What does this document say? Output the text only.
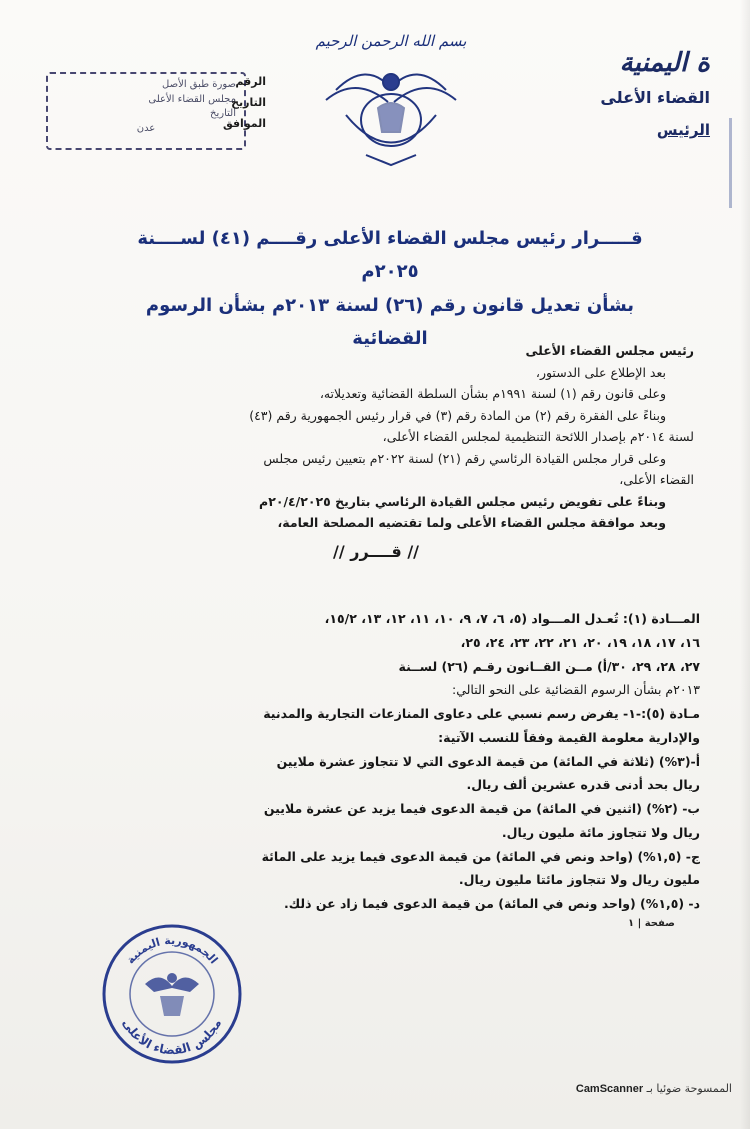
بسم الله الرحمن الرحيم
ة اليمنية
القضاء الأعلى
الرئيس
صورة طبق الأصل
مجلس القضاء الأعلى
التاريخ
عدن
الرقم
التاريخ
الموافق
قـــــرار رئيس مجلس القضاء الأعلى رقــــم (٤١) لســــنة ٢٠٢٥م
بشأن تعديل قانون رقم (٢٦) لسنة ٢٠١٣م بشأن الرسوم القضائية

رئيس مجلس القضاء الأعلى

بعد الإطلاع على الدستور،

وعلى قانون رقم (١) لسنة ١٩٩١م بشأن السلطة القضائية وتعديلاته،

وبناءً على الفقرة رقم (٢) من المادة رقم (٣) في قرار رئيس الجمهورية رقم (٤٣)

لسنة ٢٠١٤م بإصدار اللائحة التنظيمية لمجلس القضاء الأعلى،

وعلى قرار مجلس القيادة الرئاسي رقم (٢١) لسنة ٢٠٢٢م بتعيين رئيس مجلس

القضاء الأعلى،

وبناءً على تفويض رئيس مجلس القيادة الرئاسي بتاريخ ٢٠/٤/٢٠٢٥م

وبعد موافقة مجلس القضاء الأعلى ولما تقتضيه المصلحة العامة،

// قــــرر //

المـــادة (١): تُعـدل المـــواد (٥، ٦، ٧، ٩، ١٠، ١١، ١٢، ١٣، ١٥/٢،

١٦، ١٧، ١٨، ١٩، ٢٠، ٢١، ٢٢، ٢٣، ٢٤، ٢٥،

٢٧، ٢٨، ٢٩، ٣٠/أ) مــن القــانون رقـم (٢٦) لســنة

٢٠١٣م بشأن الرسوم القضائية على النحو التالي:

مـادة (٥):-١- يفرض رسم نسبي على دعاوى المنازعات التجارية والمدنية

والإدارية معلومة القيمة وفقاً للنسب الآتية:

أ-(٣%) (ثلاثة في المائة) من قيمة الدعوى التي لا تتجاوز عشرة ملايين

ريال بحد أدنى قدره عشرين ألف ريال.

ب- (٢%) (اثنين في المائة) من قيمة الدعوى فيما يزيد عن عشرة ملايين

ريال ولا تتجاوز مائة مليون ريال.

ج- (١,٥%) (واحد ونص في المائة) من قيمة الدعوى فيما يزيد على المائة

مليون ريال ولا تتجاوز مائتا مليون ريال.

د- (١,٥%) (واحد ونص في المائة) من قيمة الدعوى فيما زاد عن ذلك.

صفحة | ١
الجمهورية اليمنية
مجلس القضاء الأعلى
الممسوحة ضوئيا بـ CamScanner
